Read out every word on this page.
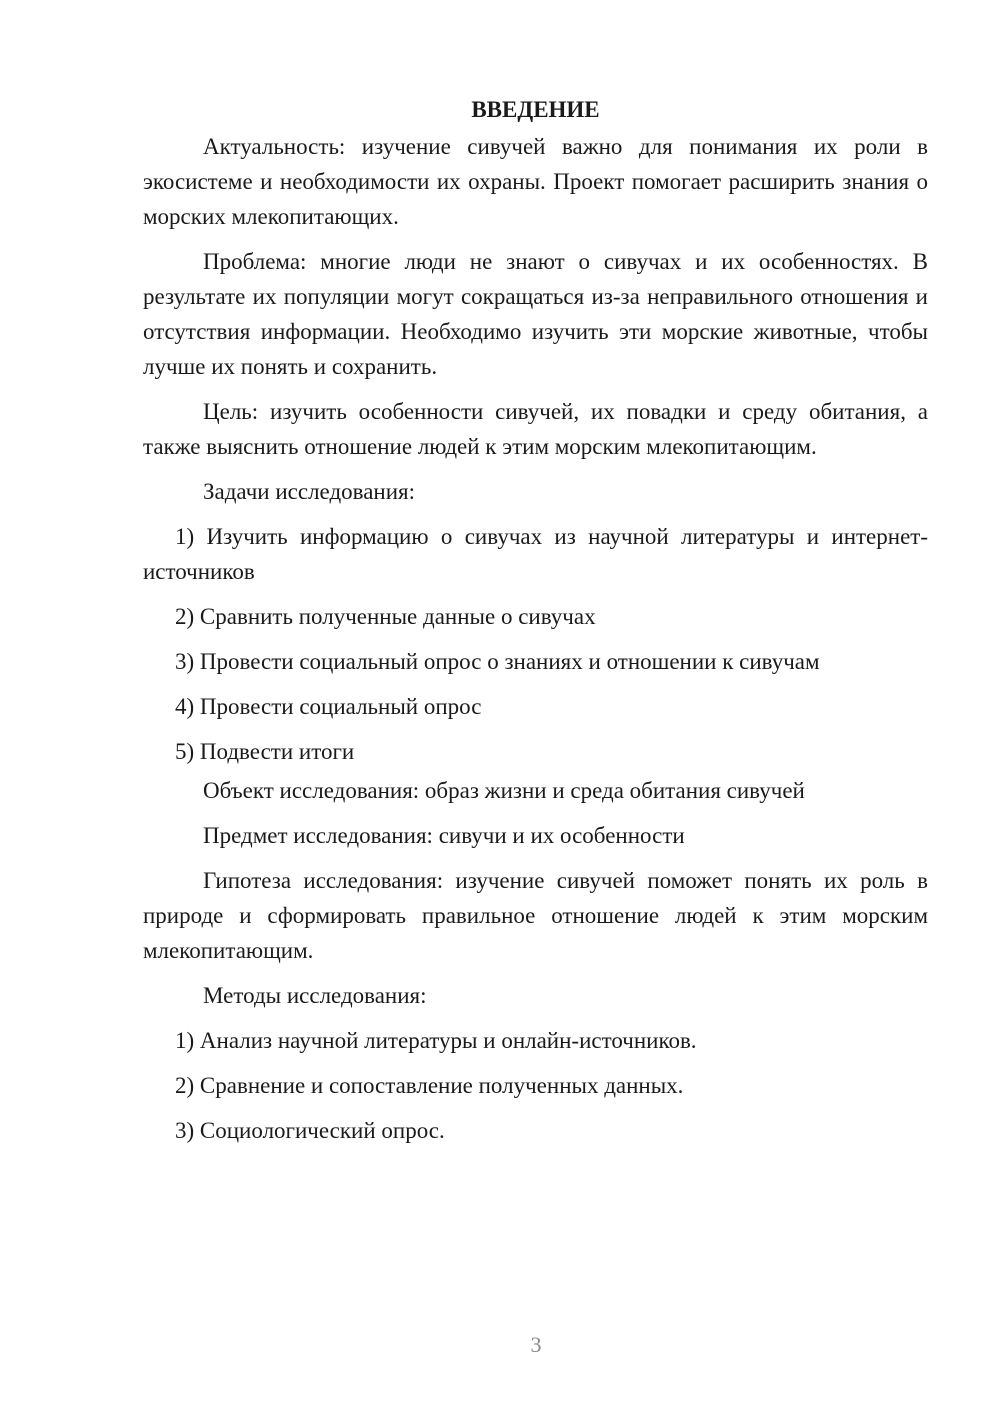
ВВЕДЕНИЕ

Актуальность: изучение сивучей важно для понимания их роли в экосистеме и необходимости их охраны. Проект помогает расширить знания о морских млекопитающих.

Проблема: многие люди не знают о сивучах и их особенностях. В результате их популяции могут сокращаться из-за неправильного отношения и отсутствия информации. Необходимо изучить эти морские животные, чтобы лучше их понять и сохранить.

Цель: изучить особенности сивучей, их повадки и среду обитания, а также выяснить отношение людей к этим морским млекопитающим.

Задачи исследования:

1) Изучить информацию о сивучах из научной литературы и интернет-источников

2) Сравнить полученные данные о сивучах

3) Провести социальный опрос о знаниях и отношении к сивучам

4) Провести социальный опрос

5) Подвести итоги

Объект исследования: образ жизни и среда обитания сивучей

Предмет исследования: сивучи и их особенности

Гипотеза исследования: изучение сивучей поможет понять их роль в природе и сформировать правильное отношение людей к этим морским млекопитающим.

Методы исследования:

1) Анализ научной литературы и онлайн-источников.

2) Сравнение и сопоставление полученных данных.

3) Социологический опрос.

3
